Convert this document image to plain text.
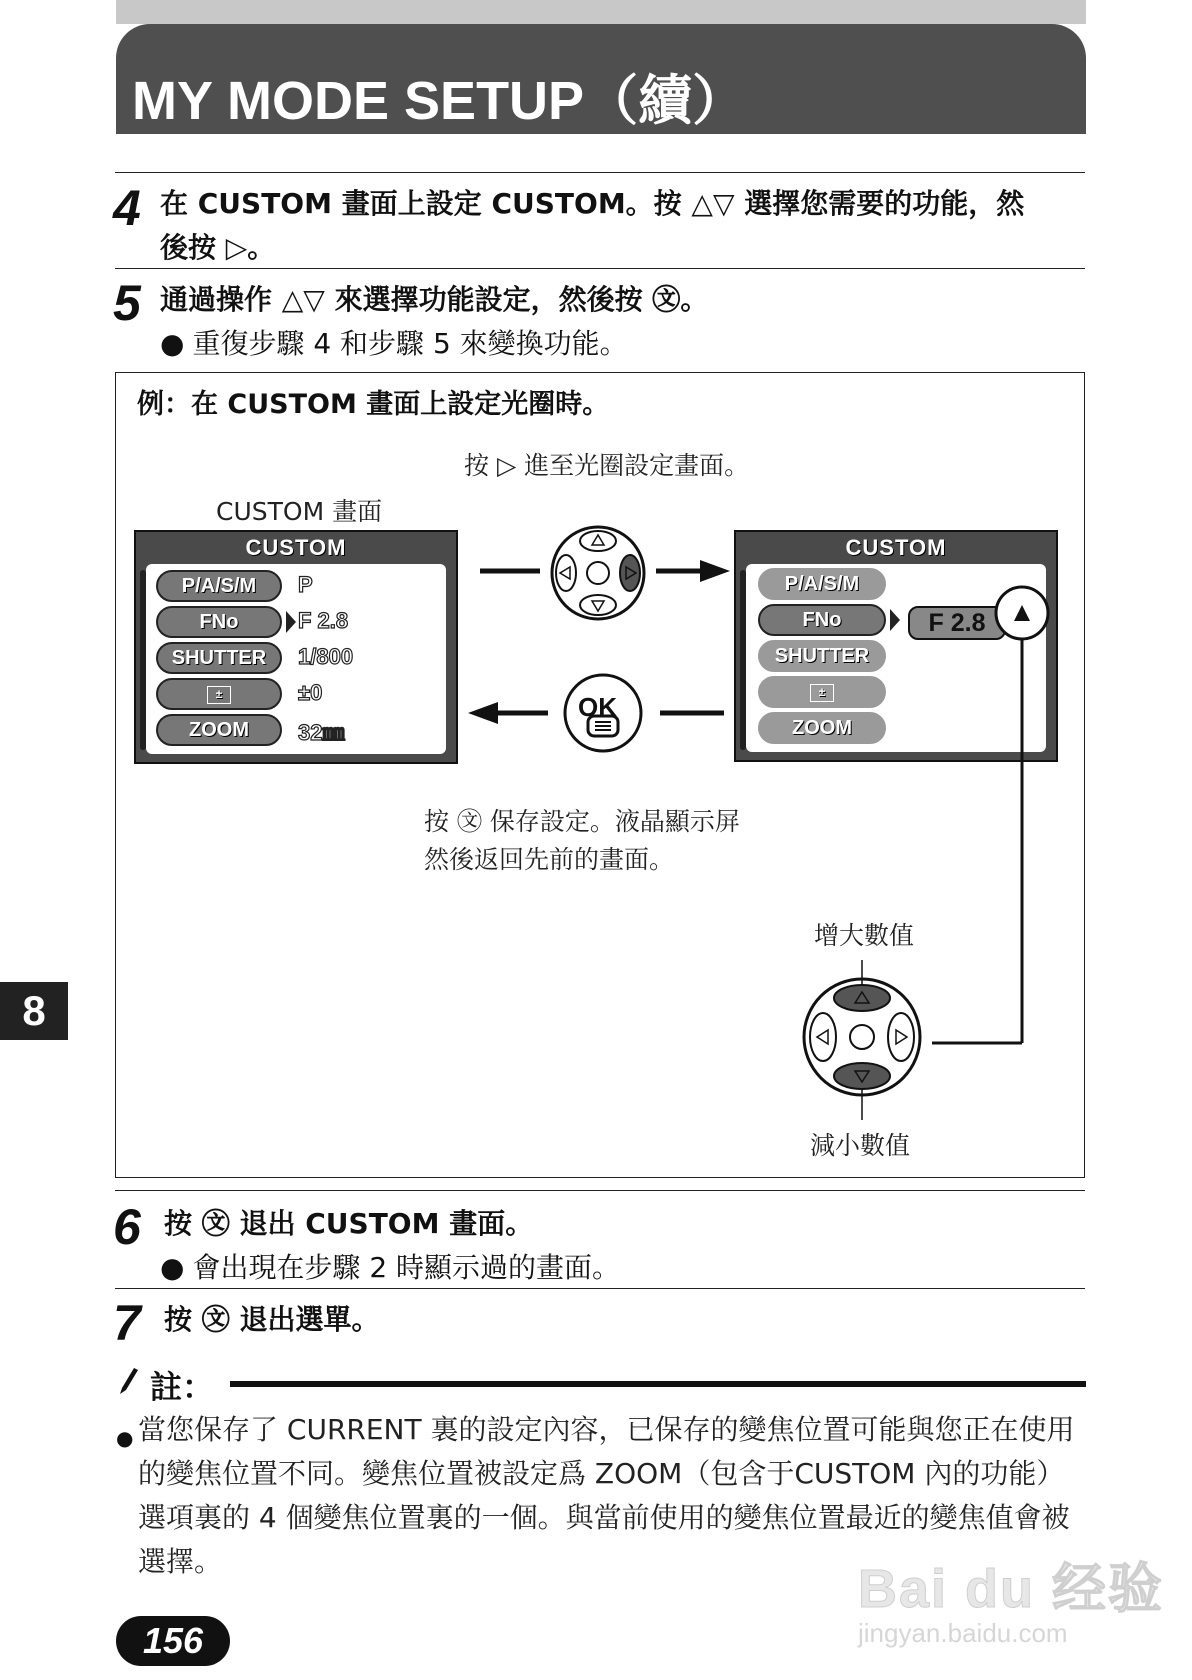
MY MODE SETUP（續）
4 在 CUSTOM 畫面上設定 CUSTOM。按 △▽ 選擇您需要的功能，然
後按 ▷。
5 通過操作 △▽ 來選擇功能設定，然後按 ㉆。
● 重復步驟 4 和步驟 5 來變換功能。
例：在 CUSTOM 畫面上設定光圈時。
按 ▷ 進至光圈設定畫面。
CUSTOM 畫面
CUSTOM
P/A/S/M	P
FNo	F 2.8
SHUTTER	1/800
±	±0
ZOOM	32㎜
CUSTOM
P/A/S/M
FNo
SHUTTER
±
ZOOM
F 2.8
OK
按 ㉆ 保存設定。液晶顯示屏
然後返回先前的畫面。
增大數值
減小數值
8
6 按 ㉆ 退出 CUSTOM 畫面。
● 會出現在步驟 2 時顯示過的畫面。
7 按 ㉆ 退出選單。
註：
● 當您保存了 CURRENT 裏的設定內容，已保存的變焦位置可能與您正在使用的變焦位置不同。變焦位置被設定爲 ZOOM（包含于CUSTOM 內的功能）選項裏的 4 個變焦位置裏的一個。與當前使用的變焦位置最近的變焦值會被選擇。
156
Bai du 经验
jingyan.baidu.com
